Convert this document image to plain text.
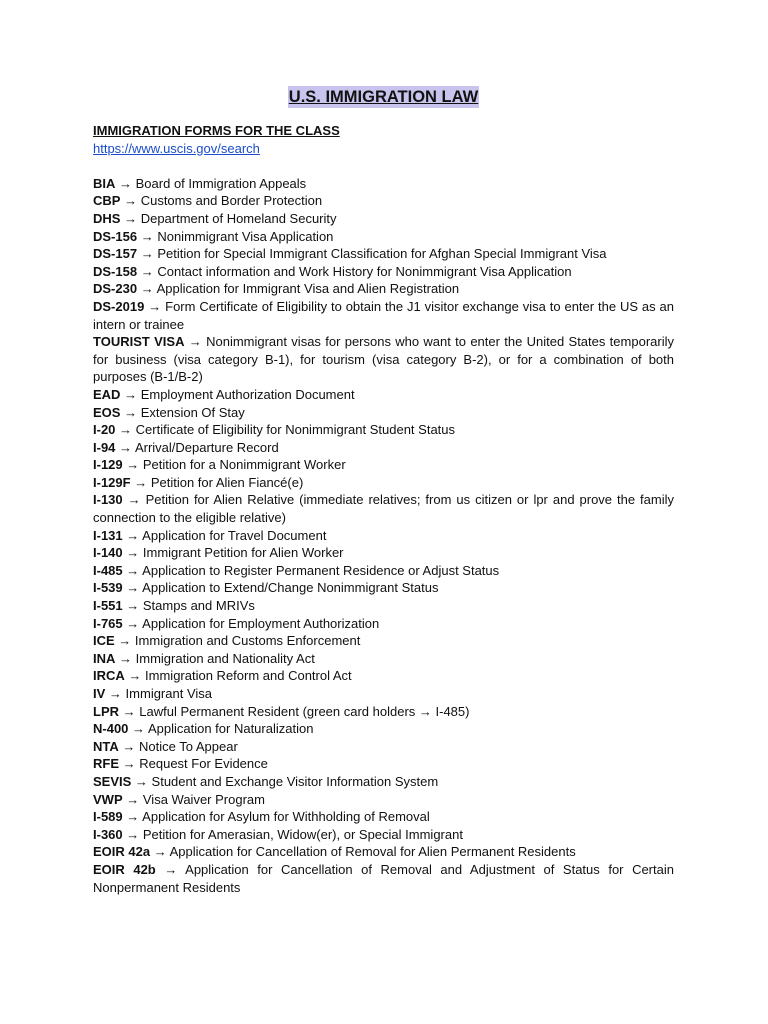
U.S. IMMIGRATION LAW

IMMIGRATION FORMS FOR THE CLASS

https://www.uscis.gov/search
BIA → Board of Immigration Appeals
CBP → Customs and Border Protection
DHS → Department of Homeland Security
DS-156 → Nonimmigrant Visa Application
DS-157 → Petition for Special Immigrant Classification for Afghan Special Immigrant Visa
DS-158 → Contact information and Work History for Nonimmigrant Visa Application
DS-230 → Application for Immigrant Visa and Alien Registration
DS-2019 → Form Certificate of Eligibility to obtain the J1 visitor exchange visa to enter the US as an intern or trainee
TOURIST VISA → Nonimmigrant visas for persons who want to enter the United States temporarily for business (visa category B-1), for tourism (visa category B-2), or for a combination of both purposes (B-1/B-2)
EAD → Employment Authorization Document
EOS → Extension Of Stay
I-20 → Certificate of Eligibility for Nonimmigrant Student Status
I-94 → Arrival/Departure Record
I-129 → Petition for a Nonimmigrant Worker
I-129F → Petition for Alien Fiancé(e)
I-130 → Petition for Alien Relative (immediate relatives; from us citizen or lpr and prove the family connection to the eligible relative)
I-131 → Application for Travel Document
I-140 → Immigrant Petition for Alien Worker
I-485 → Application to Register Permanent Residence or Adjust Status
I-539 → Application to Extend/Change Nonimmigrant Status
I-551 → Stamps and MRIVs
I-765 → Application for Employment Authorization
ICE → Immigration and Customs Enforcement
INA → Immigration and Nationality Act
IRCA → Immigration Reform and Control Act
IV → Immigrant Visa
LPR → Lawful Permanent Resident (green card holders → I-485)
N-400 → Application for Naturalization
NTA → Notice To Appear
RFE → Request For Evidence
SEVIS → Student and Exchange Visitor Information System
VWP → Visa Waiver Program
I-589 → Application for Asylum for Withholding of Removal
I-360 → Petition for Amerasian, Widow(er), or Special Immigrant
EOIR 42a → Application for Cancellation of Removal for Alien Permanent Residents
EOIR 42b → Application for Cancellation of Removal and Adjustment of Status for Certain Nonpermanent Residents
